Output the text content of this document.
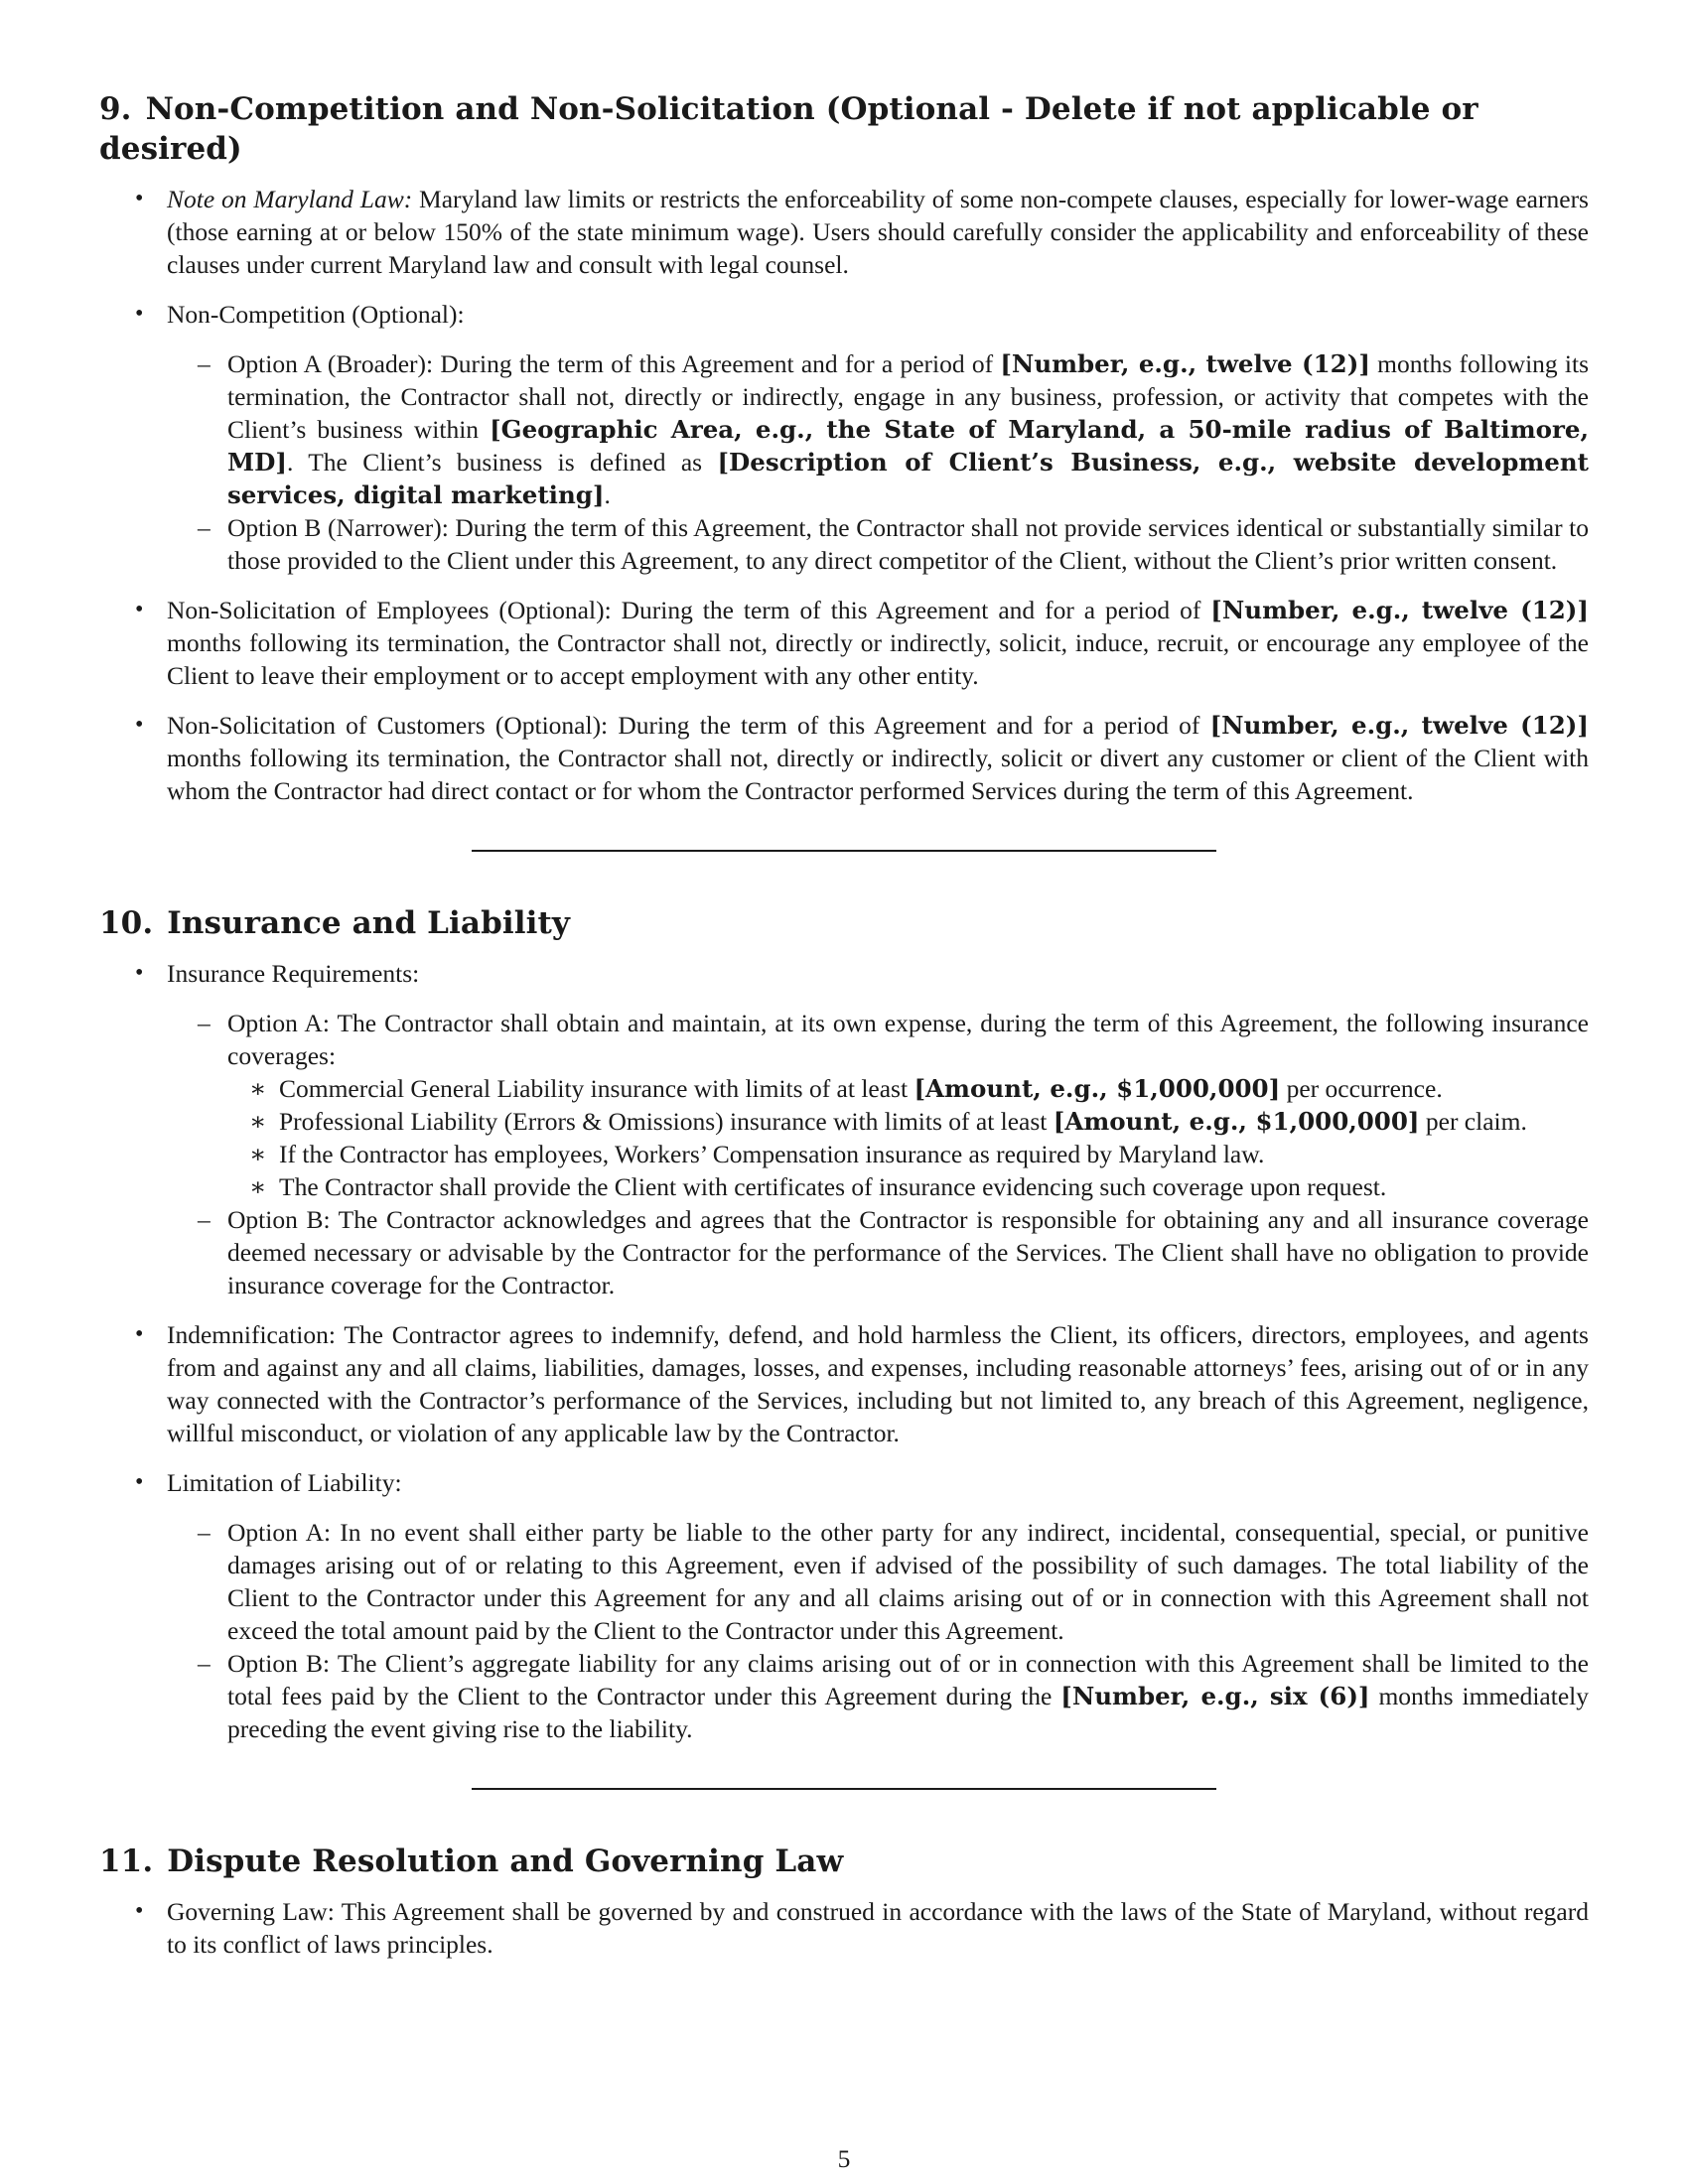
9. Non-Competition and Non-Solicitation (Optional - Delete if not applicable or desired)
• Note on Maryland Law: Maryland law limits or restricts the enforceability of some non-compete clauses, especially for lower-wage earners (those earning at or below 150% of the state minimum wage). Users should carefully consider the applicability and enforceability of these clauses under current Maryland law and consult with legal counsel.
• Non-Competition (Optional):
– Option A (Broader): During the term of this Agreement and for a period of [Number, e.g., twelve (12)] months following its termination, the Contractor shall not, directly or indirectly, engage in any business, profession, or activity that competes with the Client’s business within [Geographic Area, e.g., the State of Maryland, a 50-mile radius of Baltimore, MD]. The Client’s business is defined as [Description of Client’s Business, e.g., website development services, digital marketing].
– Option B (Narrower): During the term of this Agreement, the Contractor shall not provide services identical or substantially similar to those provided to the Client under this Agreement, to any direct competitor of the Client, without the Client’s prior written consent.
• Non-Solicitation of Employees (Optional): During the term of this Agreement and for a period of [Number, e.g., twelve (12)] months following its termination, the Contractor shall not, directly or indirectly, solicit, induce, recruit, or encourage any employee of the Client to leave their employment or to accept employment with any other entity.
• Non-Solicitation of Customers (Optional): During the term of this Agreement and for a period of [Number, e.g., twelve (12)] months following its termination, the Contractor shall not, directly or indirectly, solicit or divert any customer or client of the Client with whom the Contractor had direct contact or for whom the Contractor performed Services during the term of this Agreement.
10. Insurance and Liability
• Insurance Requirements:
– Option A: The Contractor shall obtain and maintain, at its own expense, during the term of this Agreement, the following insurance coverages:
∗ Commercial General Liability insurance with limits of at least [Amount, e.g., $1,000,000] per occurrence.
∗ Professional Liability (Errors & Omissions) insurance with limits of at least [Amount, e.g., $1,000,000] per claim.
∗ If the Contractor has employees, Workers’ Compensation insurance as required by Maryland law.
∗ The Contractor shall provide the Client with certificates of insurance evidencing such coverage upon request.
– Option B: The Contractor acknowledges and agrees that the Contractor is responsible for obtaining any and all insurance coverage deemed necessary or advisable by the Contractor for the performance of the Services. The Client shall have no obligation to provide insurance coverage for the Contractor.
• Indemnification: The Contractor agrees to indemnify, defend, and hold harmless the Client, its officers, directors, employees, and agents from and against any and all claims, liabilities, damages, losses, and expenses, including reasonable attorneys’ fees, arising out of or in any way connected with the Contractor’s performance of the Services, including but not limited to, any breach of this Agreement, negligence, willful misconduct, or violation of any applicable law by the Contractor.
• Limitation of Liability:
– Option A: In no event shall either party be liable to the other party for any indirect, incidental, consequential, special, or punitive damages arising out of or relating to this Agreement, even if advised of the possibility of such damages. The total liability of the Client to the Contractor under this Agreement for any and all claims arising out of or in connection with this Agreement shall not exceed the total amount paid by the Client to the Contractor under this Agreement.
– Option B: The Client’s aggregate liability for any claims arising out of or in connection with this Agreement shall be limited to the total fees paid by the Client to the Contractor under this Agreement during the [Number, e.g., six (6)] months immediately preceding the event giving rise to the liability.
11. Dispute Resolution and Governing Law
• Governing Law: This Agreement shall be governed by and construed in accordance with the laws of the State of Maryland, without regard to its conflict of laws principles.
5
